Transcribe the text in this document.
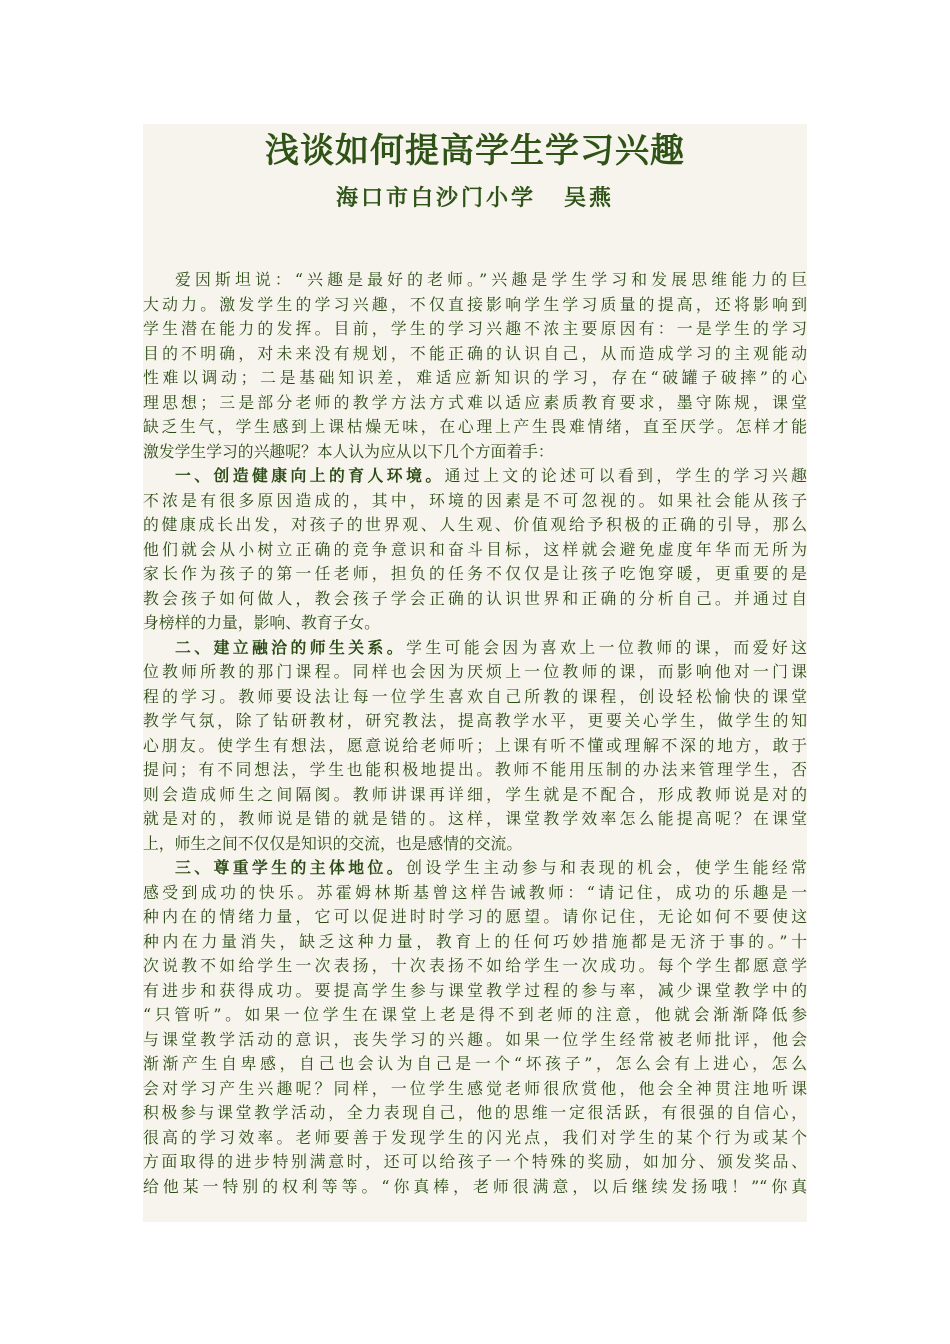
浅谈如何提高学生学习兴趣
海口市白沙门小学 吴燕
爱因斯坦说：“兴趣是最好的老师。”兴趣是学生学习和发展思维能力的巨
大动力。激发学生的学习兴趣，不仅直接影响学生学习质量的提高，还将影响到
学生潜在能力的发挥。目前，学生的学习兴趣不浓主要原因有：一是学生的学习
目的不明确，对未来没有规划，不能正确的认识自己，从而造成学习的主观能动
性难以调动；二是基础知识差，难适应新知识的学习，存在“破罐子破摔”的心
理思想；三是部分老师的教学方法方式难以适应素质教育要求，墨守陈规，课堂
缺乏生气，学生感到上课枯燥无味，在心理上产生畏难情绪，直至厌学。怎样才能
激发学生学习的兴趣呢？本人认为应从以下几个方面着手：
一、创造健康向上的育人环境。通过上文的论述可以看到，学生的学习兴趣
不浓是有很多原因造成的，其中，环境的因素是不可忽视的。如果社会能从孩子
的健康成长出发，对孩子的世界观、人生观、价值观给予积极的正确的引导，那么
他们就会从小树立正确的竞争意识和奋斗目标，这样就会避免虚度年华而无所为
家长作为孩子的第一任老师，担负的任务不仅仅是让孩子吃饱穿暖，更重要的是
教会孩子如何做人，教会孩子学会正确的认识世界和正确的分析自己。并通过自
身榜样的力量，影响、教育子女。
二、建立融洽的师生关系。学生可能会因为喜欢上一位教师的课，而爱好这
位教师所教的那门课程。同样也会因为厌烦上一位教师的课，而影响他对一门课
程的学习。教师要设法让每一位学生喜欢自己所教的课程，创设轻松愉快的课堂
教学气氛，除了钻研教材，研究教法，提高教学水平，更要关心学生，做学生的知
心朋友。使学生有想法，愿意说给老师听；上课有听不懂或理解不深的地方，敢于
提问；有不同想法，学生也能积极地提出。教师不能用压制的办法来管理学生，否
则会造成师生之间隔阂。教师讲课再详细，学生就是不配合，形成教师说是对的
就是对的，教师说是错的就是错的。这样，课堂教学效率怎么能提高呢？在课堂
上，师生之间不仅仅是知识的交流，也是感情的交流。
三、尊重学生的主体地位。创设学生主动参与和表现的机会，使学生能经常
感受到成功的快乐。苏霍姆林斯基曾这样告诫教师：“请记住，成功的乐趣是一
种内在的情绪力量，它可以促进时时学习的愿望。请你记住，无论如何不要使这
种内在力量消失，缺乏这种力量，教育上的任何巧妙措施都是无济于事的。”十
次说教不如给学生一次表扬，十次表扬不如给学生一次成功。每个学生都愿意学
有进步和获得成功。要提高学生参与课堂教学过程的参与率，减少课堂教学中的
“只管听”。如果一位学生在课堂上老是得不到老师的注意，他就会渐渐降低参
与课堂教学活动的意识，丧失学习的兴趣。如果一位学生经常被老师批评，他会
渐渐产生自卑感，自己也会认为自己是一个“坏孩子”，怎么会有上进心，怎么
会对学习产生兴趣呢？同样，一位学生感觉老师很欣赏他，他会全神贯注地听课
积极参与课堂教学活动，全力表现自己，他的思维一定很活跃，有很强的自信心，
很高的学习效率。老师要善于发现学生的闪光点，我们对学生的某个行为或某个
方面取得的进步特别满意时，还可以给孩子一个特殊的奖励，如加分、颁发奖品、
给他某一特别的权利等等。“你真棒，老师很满意，以后继续发扬哦！”“你真
